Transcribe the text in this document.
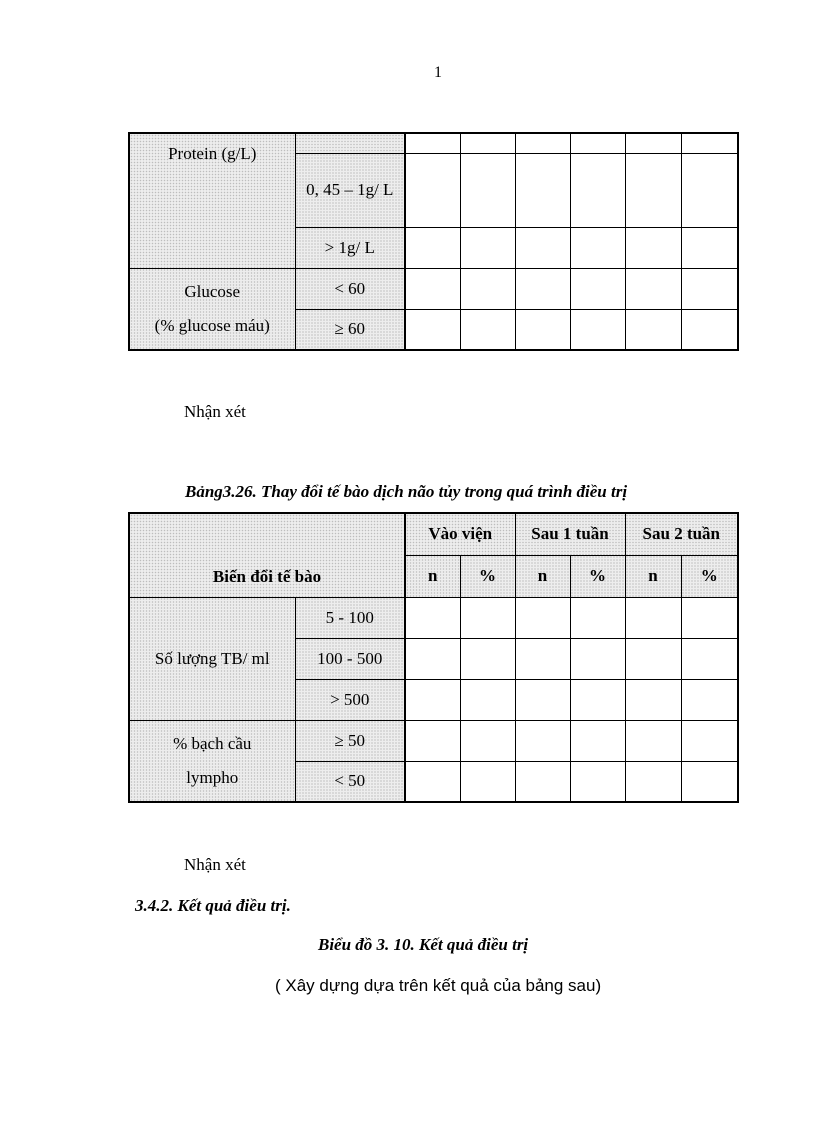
1
Protein (g/L)							

	0, 45 – 1g/ L						

	> 1g/ L						

Glucose
(% glucose máu)	< 60						
	≥ 60						
Nhận xét
Bảng3.26. Thay đổi tế bào dịch não tủy trong quá trình điều trị
Biến đổi tế bào		Vào viện		Sau 1 tuần		Sau 2 tuần	
		n	%	n	%	n	%
Số lượng TB/ ml	5 - 100						
	100 - 500						
	> 500						

% bạch cầu
lympho	≥ 50						
	< 50						
Nhận xét
3.4.2. Kết quả điều trị.
Biểu đồ 3. 10. Kết quả điều trị
( Xây dựng dựa trên kết quả của bảng sau)
